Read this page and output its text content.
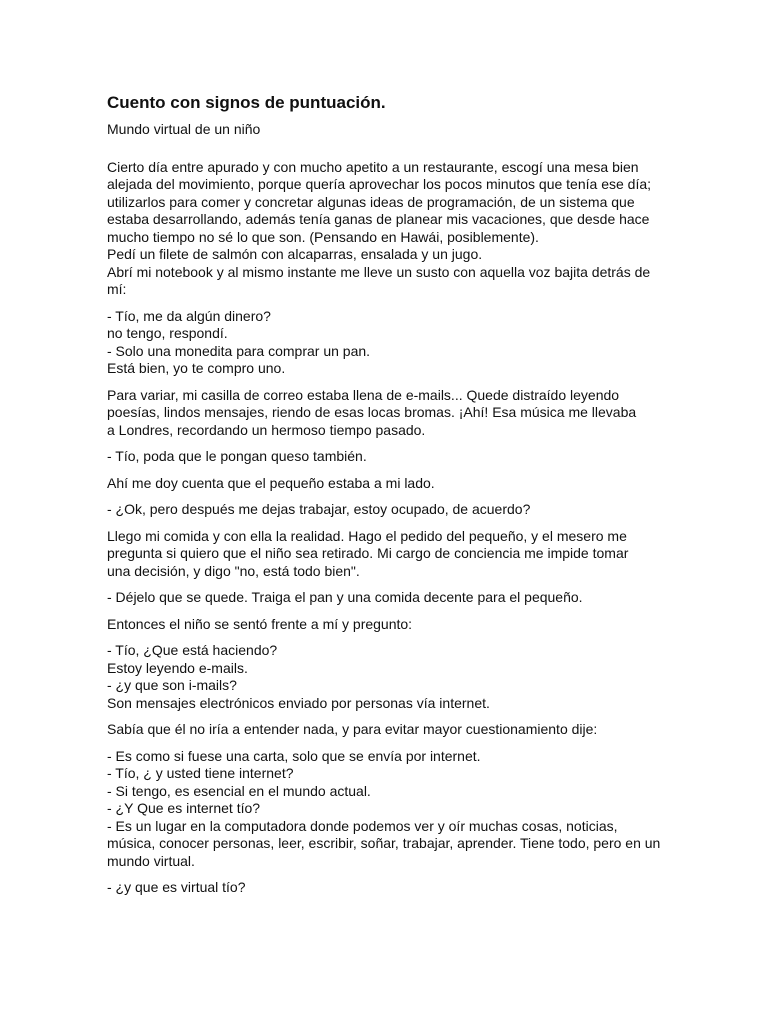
Cuento con signos de puntuación.
Mundo virtual de un niño
Cierto día entre apurado y con mucho apetito a un restaurante, escogí una mesa bien
alejada del movimiento, porque quería aprovechar los pocos minutos que tenía ese día;
utilizarlos para comer y concretar algunas ideas de programación, de un sistema que
estaba desarrollando, además tenía ganas de planear mis vacaciones, que desde hace
mucho tiempo no sé lo que son. (Pensando en Hawái, posiblemente).
Pedí un filete de salmón con alcaparras, ensalada y un jugo.
Abrí mi notebook y al mismo instante me lleve un susto con aquella voz bajita detrás de
mí:
- Tío, me da algún dinero?
no tengo, respondí.
- Solo una monedita para comprar un pan.
Está bien, yo te compro uno.
Para variar, mi casilla de correo estaba llena de e-mails... Quede distraído leyendo
poesías, lindos mensajes, riendo de esas locas bromas. ¡Ahí! Esa música me llevaba
a Londres, recordando un hermoso tiempo pasado.
- Tío, poda que le pongan queso también.
Ahí me doy cuenta que el pequeño estaba a mi lado.
- ¿Ok, pero después me dejas trabajar, estoy ocupado, de acuerdo?
Llego mi comida y con ella la realidad. Hago el pedido del pequeño, y el mesero me
pregunta si quiero que el niño sea retirado. Mi cargo de conciencia me impide tomar
una decisión, y digo "no, está todo bien".
- Déjelo que se quede. Traiga el pan y una comida decente para el pequeño.
Entonces el niño se sentó frente a mí y pregunto:
- Tío, ¿Que está haciendo?
Estoy leyendo e-mails.
- ¿y que son i-mails?
Son mensajes electrónicos enviado por personas vía internet.
Sabía que él no iría a entender nada, y para evitar mayor cuestionamiento dije:
- Es como si fuese una carta, solo que se envía por internet.
- Tío, ¿ y usted tiene internet?
- Si tengo, es esencial en el mundo actual.
- ¿Y Que es internet tío?
- Es un lugar en la computadora donde podemos ver y oír muchas cosas, noticias,
música, conocer personas, leer, escribir, soñar, trabajar, aprender. Tiene todo, pero en un
mundo virtual.
- ¿y que es virtual tío?
